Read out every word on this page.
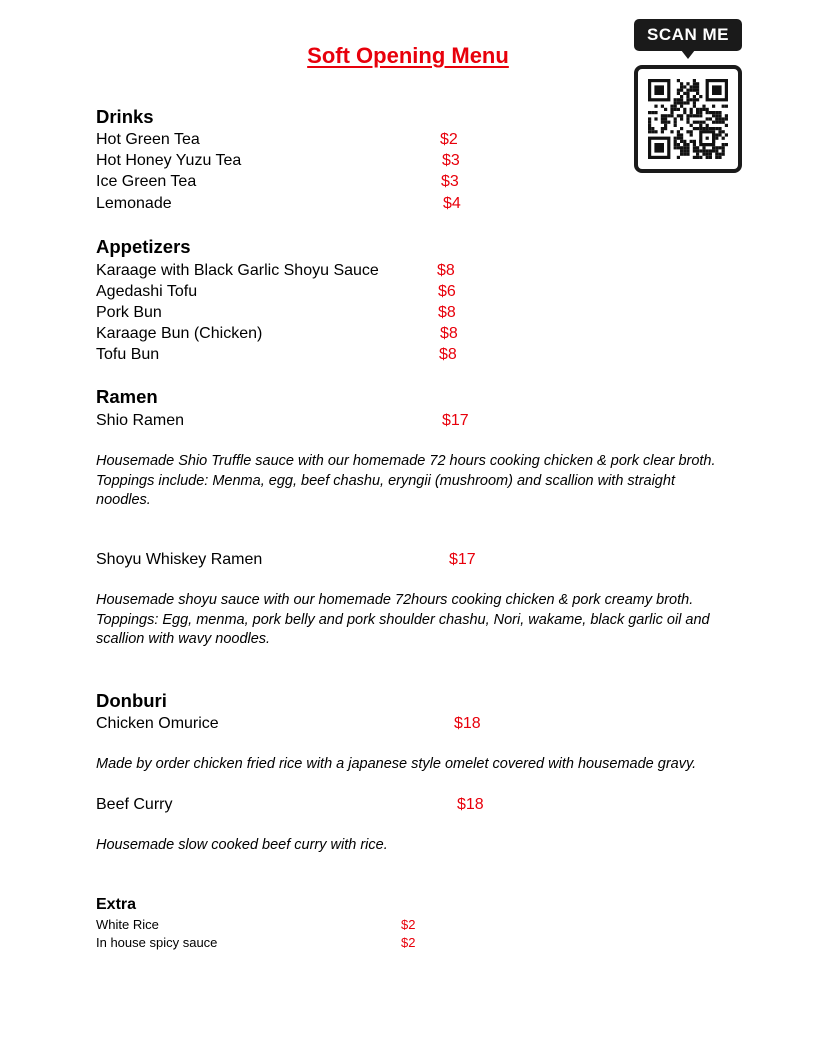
Soft Opening Menu
SCAN ME
Drinks
Hot Green Tea	$2
Hot Honey Yuzu Tea	$3
Ice Green Tea	$3
Lemonade	$4
Appetizers
Karaage with Black Garlic Shoyu Sauce	$8
Agedashi Tofu	$6
Pork Bun	$8
Karaage Bun (Chicken)	$8
Tofu Bun	$8
Ramen
Shio Ramen	$17

Housemade Shio Truffle sauce with our homemade 72 hours cooking chicken & pork clear broth.

Toppings include: Menma, egg, beef chashu, eryngii (mushroom) and scallion with straight noodles.

Shoyu Whiskey Ramen	$17

Housemade shoyu sauce with our homemade 72hours cooking chicken & pork creamy broth.

Toppings: Egg, menma, pork belly and pork shoulder chashu, Nori, wakame, black garlic oil and scallion with wavy noodles.

Donburi
Chicken Omurice	$18

Made by order chicken fried rice with a japanese style omelet covered with housemade gravy.

Beef Curry	$18

Housemade slow cooked beef curry with rice.

Extra
White Rice	$2
In house spicy sauce	$2
